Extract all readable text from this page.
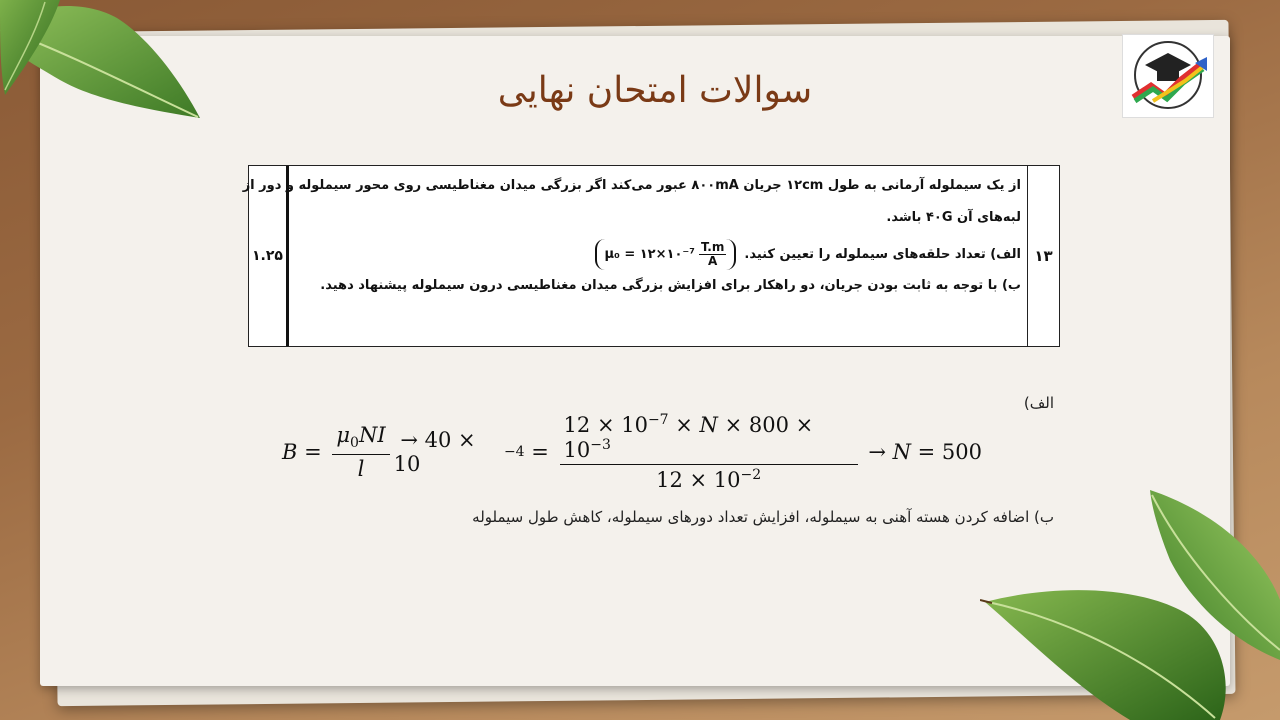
سوالات امتحان نهایی
۱.۲۵
از یک سیملوله آرمانی به طول ۱۲cm جریان ۸۰۰mA عبور می‌کند اگر بزرگی میدان مغناطیسی روی محور سیملوله و دور از
لبه‌های آن ۴۰G باشد.
الف) تعداد حلقه‌های سیملوله را تعیین کنید.
μ₀ = ۱۲×۱۰⁻⁷ $\frac{T.m}{A}$
ب) با توجه به ثابت بودن جریان، دو راهکار برای افزایش بزرگی میدان مغناطیسی درون سیملوله پیشنهاد دهید.
۱۳
الف)
B =
$\mu_0NI$
l
→ 40 × 10	−4 =
$12 \times 10^{-7} \times N \times 800 \times 10^{-3}$
$12 \times 10^{-2}$
→ N = 500
ب) اضافه کردن هسته آهنی به سیملوله، افزایش تعداد دورهای سیملوله، کاهش طول سیملوله
